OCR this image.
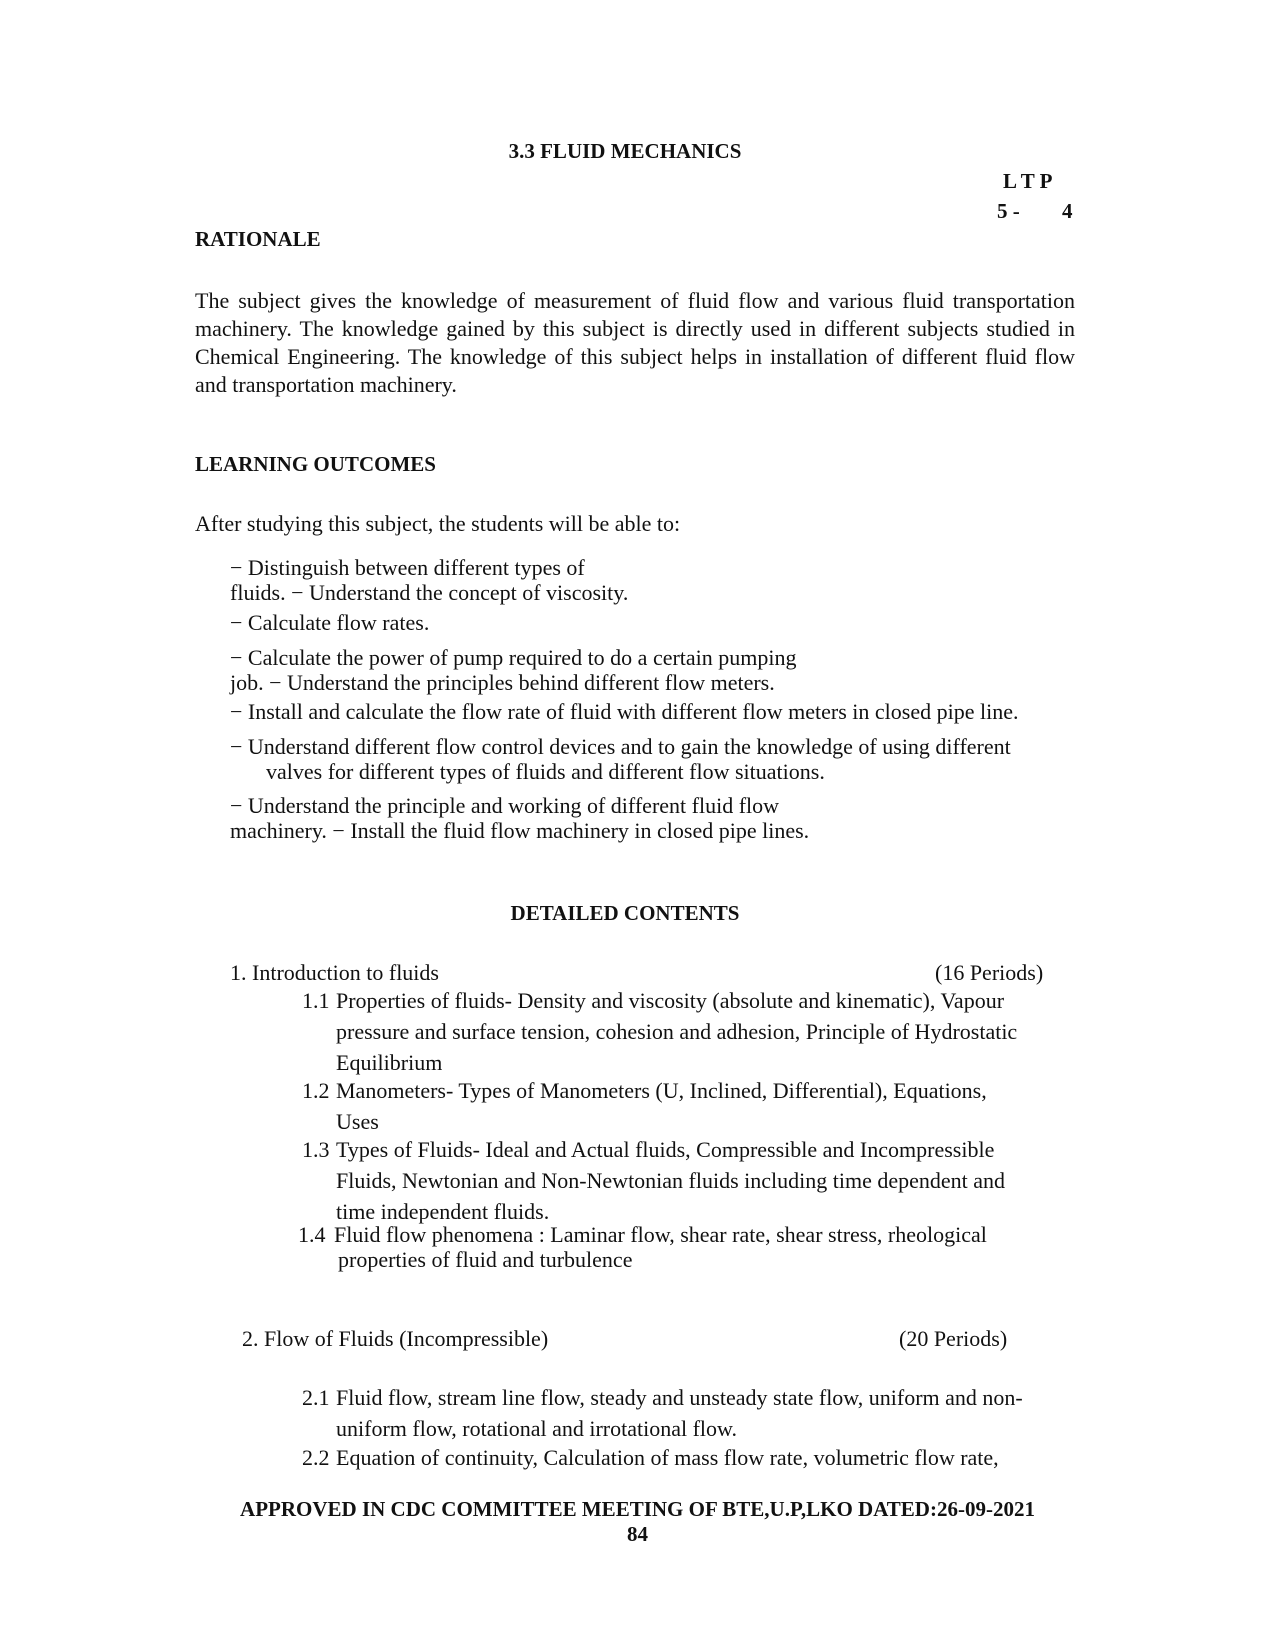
3.3 FLUID MECHANICS
L T P
5 - 4
RATIONALE
The subject gives the knowledge of measurement of fluid flow and various fluid transportation machinery. The knowledge gained by this subject is directly used in different subjects studied in Chemical Engineering. The knowledge of this subject helps in installation of different fluid flow and transportation machinery.
LEARNING OUTCOMES
After studying this subject, the students will be able to:
− Distinguish between different types of
fluids. − Understand the concept of viscosity.
− Calculate flow rates.
− Calculate the power of pump required to do a certain pumping
job. − Understand the principles behind different flow meters.
− Install and calculate the flow rate of fluid with different flow meters in closed pipe line.
− Understand different flow control devices and to gain the knowledge of using different
valves for different types of fluids and different flow situations.
− Understand the principle and working of different fluid flow
machinery. − Install the fluid flow machinery in closed pipe lines.
DETAILED CONTENTS
1. Introduction to fluids	(16 Periods)
1.1 Properties of fluids- Density and viscosity (absolute and kinematic), Vapour
pressure and surface tension, cohesion and adhesion, Principle of Hydrostatic
Equilibrium
1.2 Manometers- Types of Manometers (U, Inclined, Differential), Equations,
Uses
1.3 Types of Fluids- Ideal and Actual fluids, Compressible and Incompressible
Fluids, Newtonian and Non-Newtonian fluids including time dependent and
time independent fluids.
1.4 Fluid flow phenomena : Laminar flow, shear rate, shear stress, rheological
properties of fluid and turbulence
2. Flow of Fluids (Incompressible)	(20 Periods)
2.1 Fluid flow, stream line flow, steady and unsteady state flow, uniform and non-
uniform flow, rotational and irrotational flow.
2.2 Equation of continuity, Calculation of mass flow rate, volumetric flow rate,
APPROVED IN CDC COMMITTEE MEETING OF BTE,U.P,LKO DATED:26-09-2021
84
